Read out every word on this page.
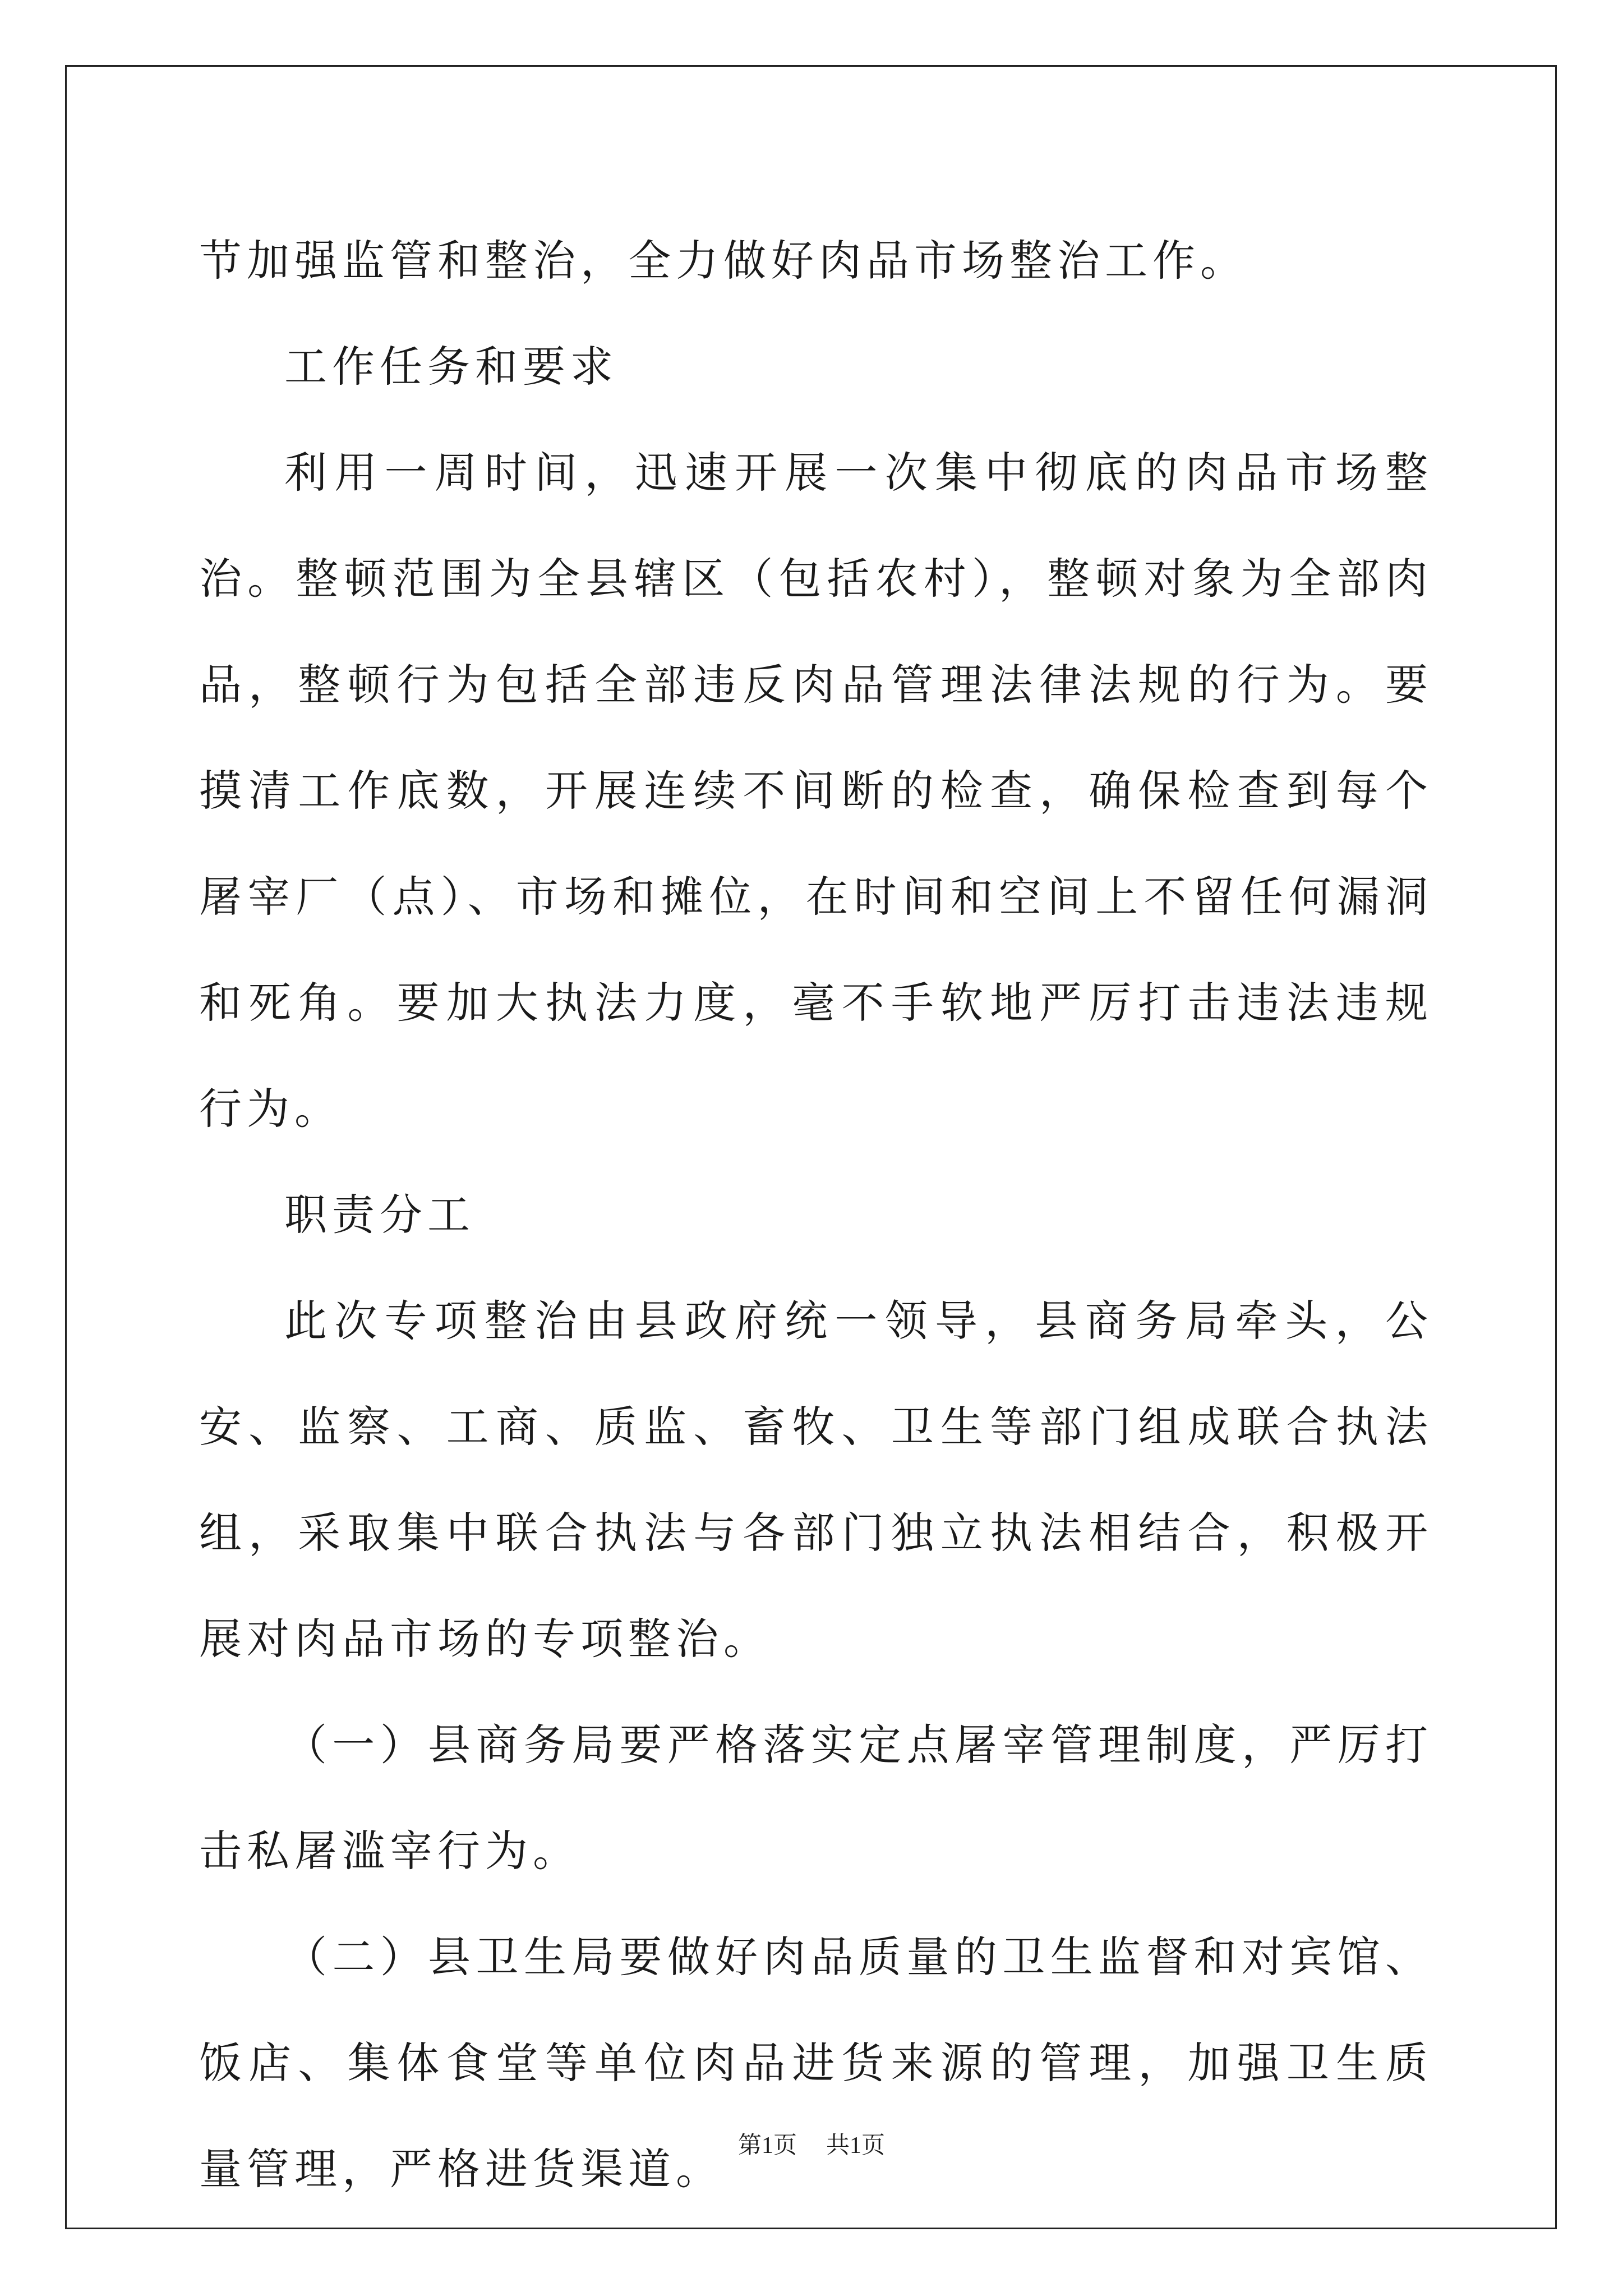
节加强监管和整治，全力做好肉品市场整治工作。

工作任务和要求

利用一周时间，迅速开展一次集中彻底的肉品市场整治。整顿范围为全县辖区（包括农村），整顿对象为全部肉品，整顿行为包括全部违反肉品管理法律法规的行为。要摸清工作底数，开展连续不间断的检查，确保检查到每个屠宰厂（点）、市场和摊位，在时间和空间上不留任何漏洞和死角。要加大执法力度，毫不手软地严厉打击违法违规行为。

职责分工

此次专项整治由县政府统一领导，县商务局牵头，公安、监察、工商、质监、畜牧、卫生等部门组成联合执法组，采取集中联合执法与各部门独立执法相结合，积极开展对肉品市场的专项整治。

（一）县商务局要严格落实定点屠宰管理制度，严厉打击私屠滥宰行为。

（二）县卫生局要做好肉品质量的卫生监督和对宾馆、饭店、集体食堂等单位肉品进货来源的管理，加强卫生质量管理，严格进货渠道。 第1页 共1页
